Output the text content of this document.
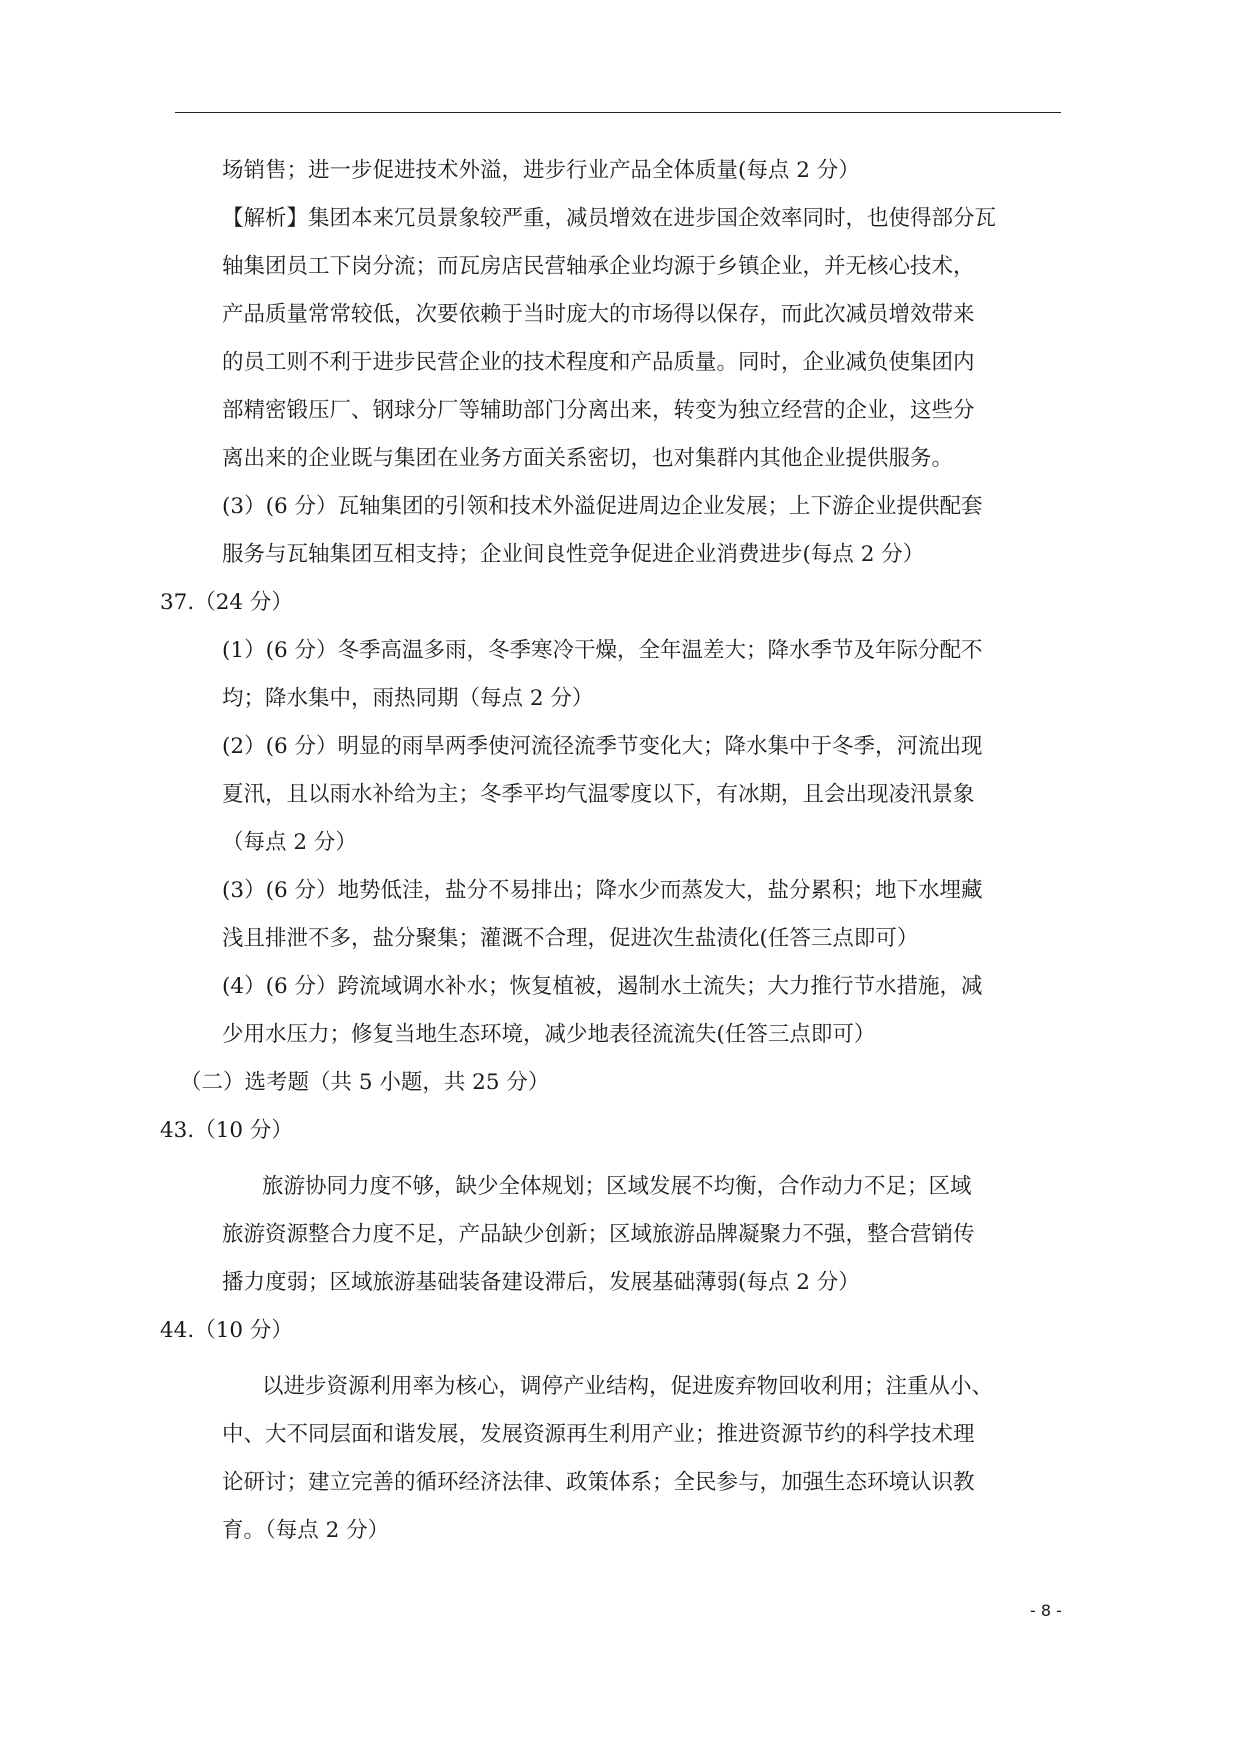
场销售；进一步促进技术外溢，进步行业产品全体质量(每点 2 分）
【解析】集团本来冗员景象较严重，减员增效在进步国企效率同时，也使得部分瓦
轴集团员工下岗分流；而瓦房店民营轴承企业均源于乡镇企业，并无核心技术，
产品质量常常较低，次要依赖于当时庞大的市场得以保存，而此次减员增效带来
的员工则不利于进步民营企业的技术程度和产品质量。同时，企业减负使集团内
部精密锻压厂、钢球分厂等辅助部门分离出来，转变为独立经营的企业，这些分
离出来的企业既与集团在业务方面关系密切，也对集群内其他企业提供服务。
(3）(6 分）瓦轴集团的引领和技术外溢促进周边企业发展；上下游企业提供配套
服务与瓦轴集团互相支持；企业间良性竞争促进企业消费进步(每点 2 分）
37.（24 分）
(1）(6 分）冬季高温多雨，冬季寒冷干燥，全年温差大；降水季节及年际分配不
均；降水集中，雨热同期（每点 2 分）
(2）(6 分）明显的雨旱两季使河流径流季节变化大；降水集中于冬季，河流出现
夏汛，且以雨水补给为主；冬季平均气温零度以下，有冰期，且会出现凌汛景象
（每点 2 分）
(3）(6 分）地势低洼，盐分不易排出；降水少而蒸发大，盐分累积；地下水埋藏
浅且排泄不多，盐分聚集；灌溉不合理，促进次生盐渍化(任答三点即可）
(4）(6 分）跨流域调水补水；恢复植被，遏制水土流失；大力推行节水措施，减
少用水压力；修复当地生态环境，减少地表径流流失(任答三点即可）
（二）选考题（共 5 小题，共 25 分）
43.（10 分）
旅游协同力度不够，缺少全体规划；区域发展不均衡，合作动力不足；区域
旅游资源整合力度不足，产品缺少创新；区域旅游品牌凝聚力不强，整合营销传
播力度弱；区域旅游基础装备建设滞后，发展基础薄弱(每点 2 分）
44.（10 分）
以进步资源利用率为核心，调停产业结构，促进废弃物回收利用；注重从小、
中、大不同层面和谐发展，发展资源再生利用产业；推进资源节约的科学技术理
论研讨；建立完善的循环经济法律、政策体系；全民参与，加强生态环境认识教
育。（每点 2 分）
- 8 -
